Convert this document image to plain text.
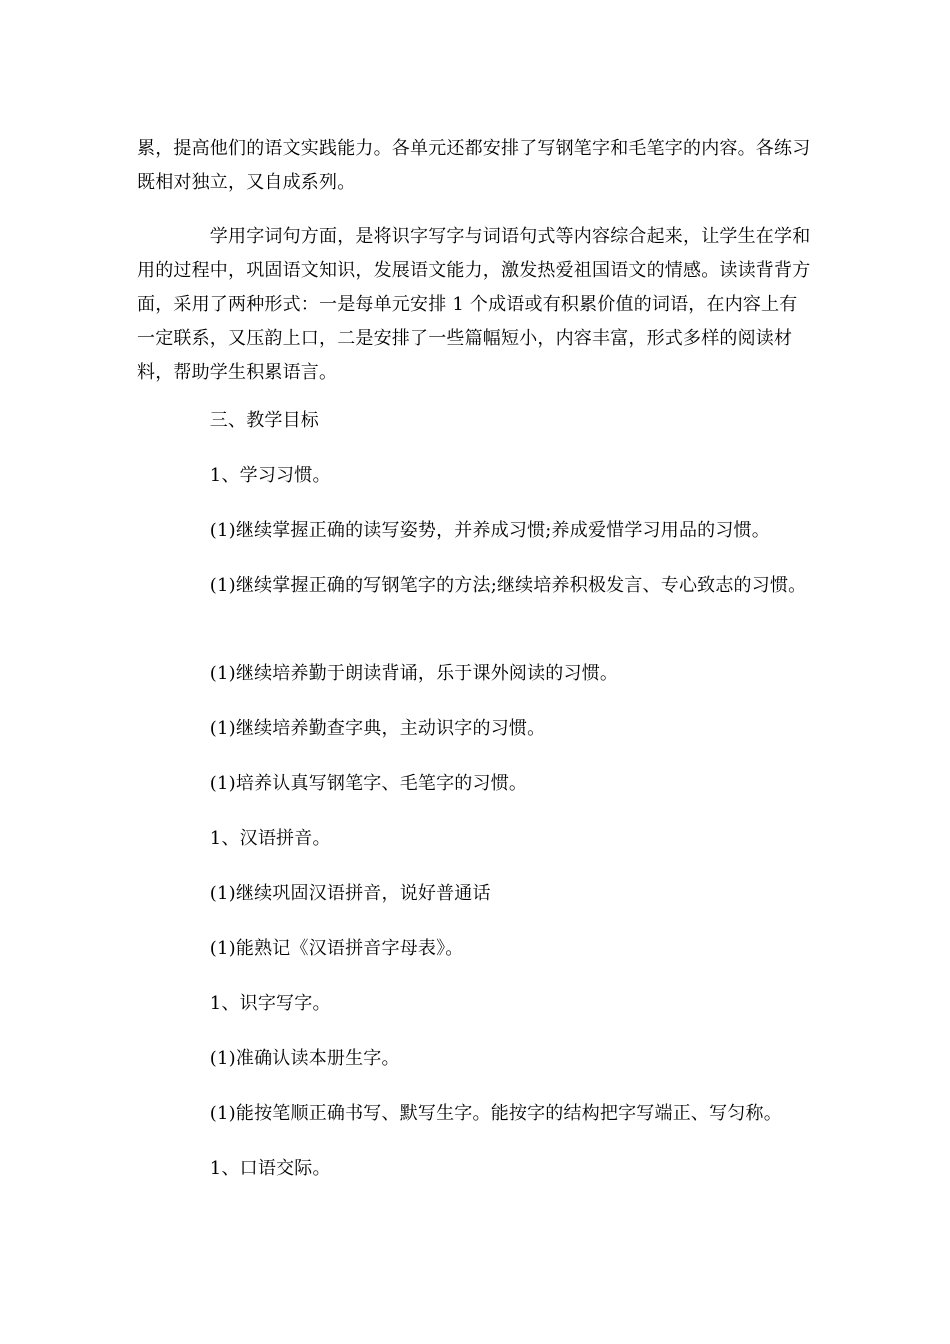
累，提高他们的语文实践能力。各单元还都安排了写钢笔字和毛笔字的内容。各练习既相对独立，又自成系列。

　　　　学用字词句方面，是将识字写字与词语句式等内容综合起来，让学生在学和用的过程中，巩固语文知识，发展语文能力，激发热爱祖国语文的情感。读读背背方面，采用了两种形式：一是每单元安排 1 个成语或有积累价值的词语，在内容上有一定联系，又压韵上口，二是安排了一些篇幅短小，内容丰富，形式多样的阅读材料，帮助学生积累语言。

　　　　三、教学目标

　　　　1、学习习惯。

　　　　(1)继续掌握正确的读写姿势，并养成习惯;养成爱惜学习用品的习惯。

　　　　(1)继续掌握正确的写钢笔字的方法;继续培养积极发言、专心致志的习惯。

　　　　(1)继续培养勤于朗读背诵，乐于课外阅读的习惯。

　　　　(1)继续培养勤查字典，主动识字的习惯。

　　　　(1)培养认真写钢笔字、毛笔字的习惯。

　　　　1、汉语拼音。

　　　　(1)继续巩固汉语拼音，说好普通话

　　　　(1)能熟记《汉语拼音字母表》。

　　　　1、识字写字。

　　　　(1)准确认读本册生字。

　　　　(1)能按笔顺正确书写、默写生字。能按字的结构把字写端正、写匀称。

　　　　1、口语交际。
